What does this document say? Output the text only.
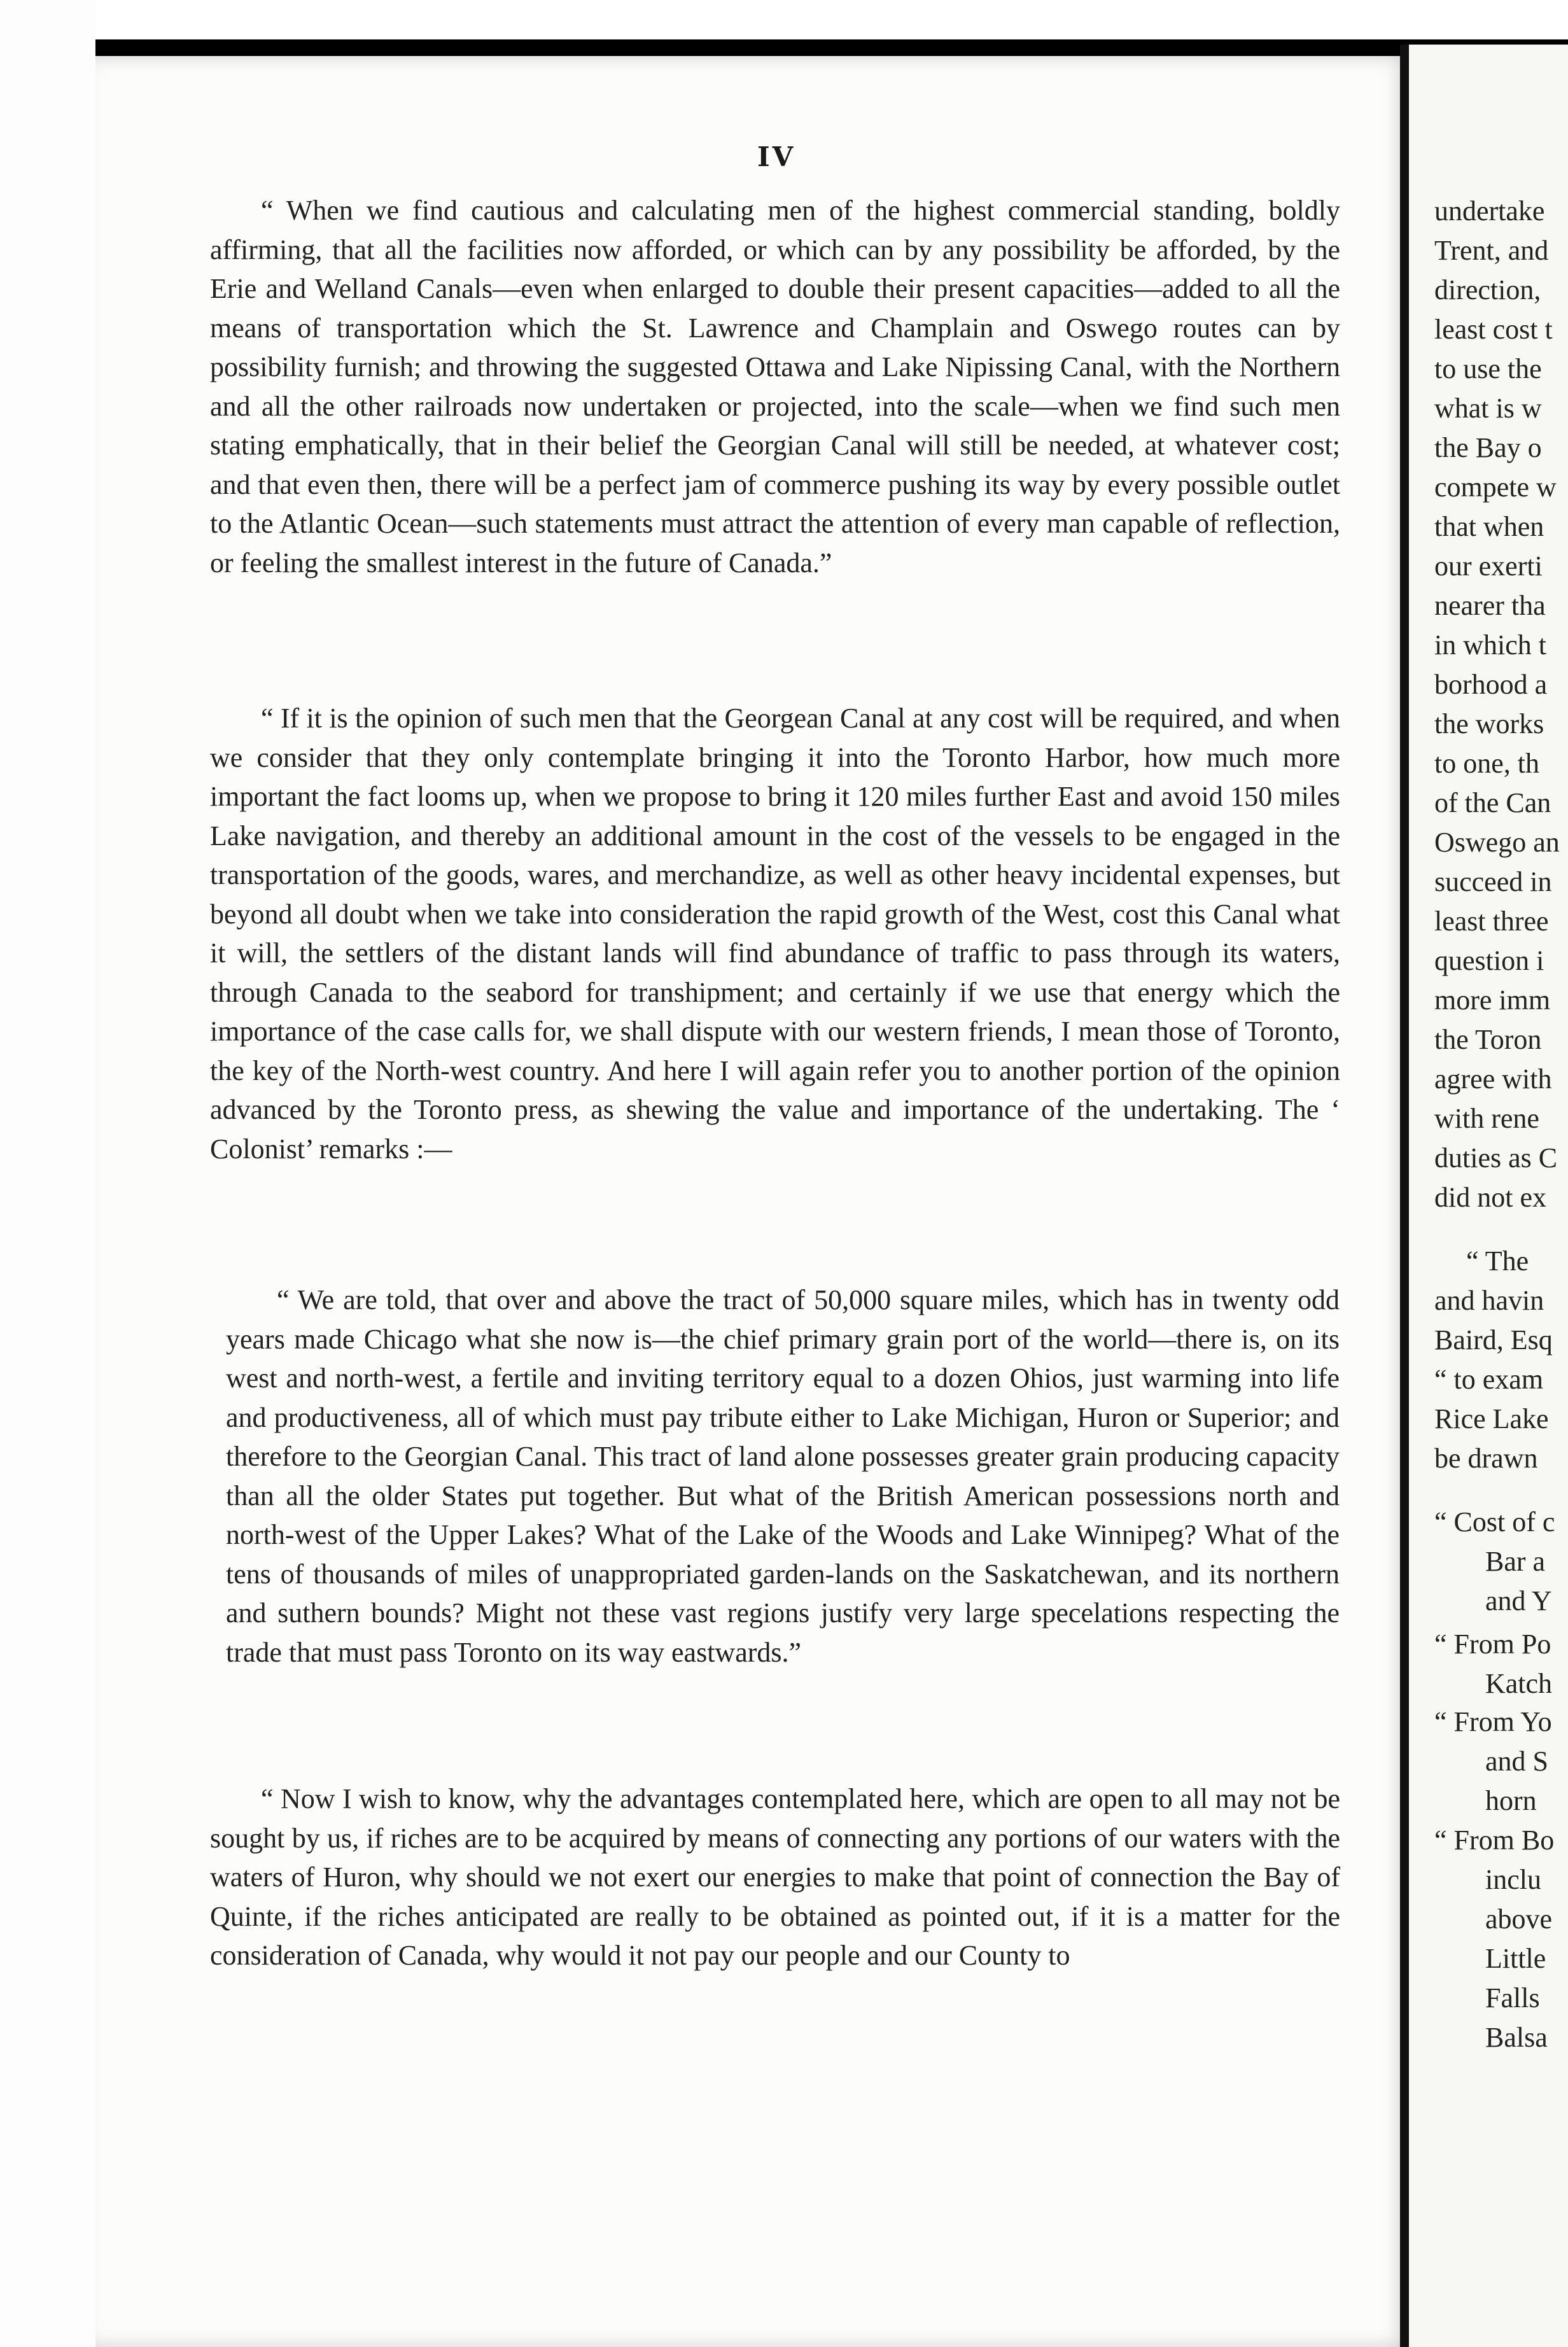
IV

“ When we find cautious and calculating men of the highest commercial standing, boldly affirming, that all the facilities now afforded, or which can by any possibility be afforded, by the Erie and Welland Canals—even when enlarged to double their present capacities—added to all the means of transportation which the St. Lawrence and Champlain and Oswego routes can by possibility furnish; and throwing the suggested Ottawa and Lake Nipissing Canal, with the Northern and all the other railroads now undertaken or projected, into the scale—when we find such men stating emphatically, that in their belief the Georgian Canal will still be needed, at whatever cost; and that even then, there will be a perfect jam of commerce pushing its way by every possible outlet to the Atlantic Ocean—such statements must attract the attention of every man capable of reflection, or feeling the smallest interest in the future of Canada.”

“ If it is the opinion of such men that the Georgean Canal at any cost will be required, and when we consider that they only contemplate bringing it into the Toronto Harbor, how much more important the fact looms up, when we propose to bring it 120 miles further East and avoid 150 miles Lake navigation, and thereby an additional amount in the cost of the vessels to be engaged in the transportation of the goods, wares, and merchandize, as well as other heavy incidental expenses, but beyond all doubt when we take into consideration the rapid growth of the West, cost this Canal what it will, the settlers of the distant lands will find abundance of traffic to pass through its waters, through Canada to the seabord for transhipment; and certainly if we use that energy which the importance of the case calls for, we shall dispute with our western friends, I mean those of Toronto, the key of the North-west country. And here I will again refer you to another portion of the opinion advanced by the Toronto press, as shewing the value and importance of the undertaking. The ‘ Colonist’ remarks :—

“ We are told, that over and above the tract of 50,000 square miles, which has in twenty odd years made Chicago what she now is—the chief primary grain port of the world—there is, on its west and north-west, a fertile and inviting territory equal to a dozen Ohios, just warming into life and productiveness, all of which must pay tribute either to Lake Michigan, Huron or Superior; and therefore to the Georgian Canal. This tract of land alone possesses greater grain producing capacity than all the older States put together. But what of the British American possessions north and north-west of the Upper Lakes? What of the Lake of the Woods and Lake Winnipeg? What of the tens of thousands of miles of unappropriated garden-lands on the Saskatchewan, and its northern and suthern bounds? Might not these vast regions justify very large specelations respecting the trade that must pass Toronto on its way eastwards.”

“ Now I wish to know, why the advantages contemplated here, which are open to all may not be sought by us, if riches are to be acquired by means of connecting any portions of our waters with the waters of Huron, why should we not exert our energies to make that point of connection the Bay of Quinte, if the riches anticipated are really to be obtained as pointed out, if it is a matter for the consideration of Canada, why would it not pay our people and our County to

undertake
Trent, and
direction,
least cost t
to use the
what is w
the Bay o
compete w
that when
our exerti
nearer tha
in which t
borhood a
the works
to one, th
of the Can
Oswego an
succeed in
least three
question i
more imm
the Toron
agree with
with rene
duties as C
did not ex
“ The
and havin
Baird, Esq
“ to exam
Rice Lake
be drawn
“ Cost of c
Bar a
and Y
“ From Po
Katch
“ From Yo
and S
horn
“ From Bo
inclu
above
Little
Falls
Balsa
